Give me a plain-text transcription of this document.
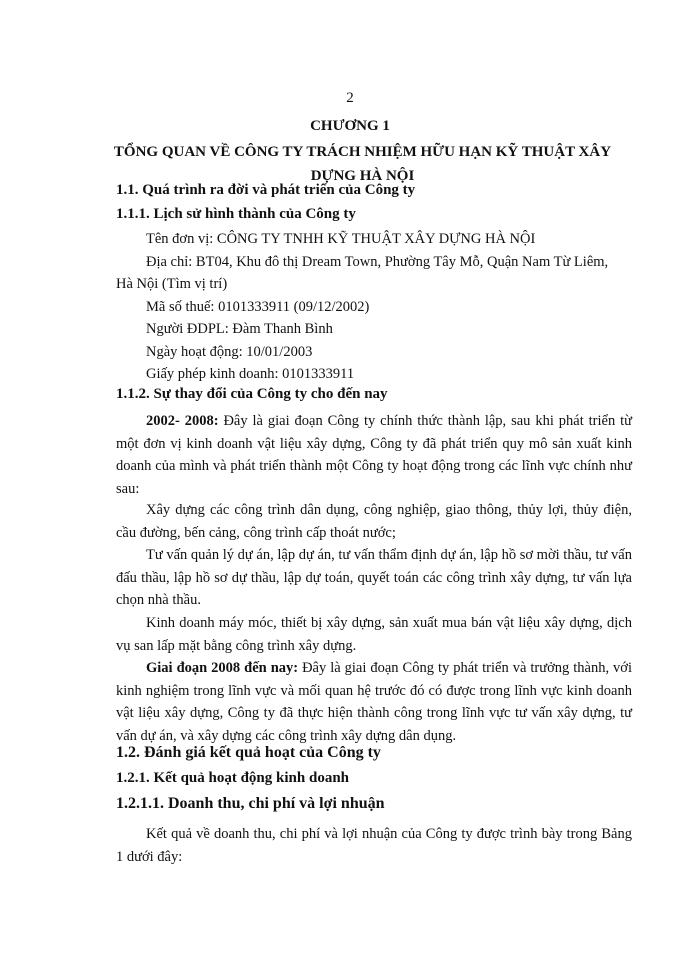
2
CHƯƠNG 1
TỔNG QUAN VỀ CÔNG TY TRÁCH NHIỆM HỮU HẠN KỸ THUẬT XÂY DỰNG HÀ NỘI
1.1. Quá trình ra đời và phát triển của Công ty
1.1.1. Lịch sử hình thành của Công ty
Tên đơn vị: CÔNG TY TNHH KỸ THUẬT XÂY DỰNG HÀ NỘI
Địa chỉ: BT04, Khu đô thị Dream Town, Phường Tây Mỗ, Quận Nam Từ Liêm,
Hà Nội (Tìm vị trí)
Mã số thuế: 0101333911 (09/12/2002)
Người ĐDPL: Đàm Thanh Bình
Ngày hoạt động: 10/01/2003
Giấy phép kinh doanh: 0101333911
1.1.2. Sự thay đổi của Công ty cho đến nay
2002- 2008: Đây là giai đoạn Công ty chính thức thành lập, sau khi phát triển từ một đơn vị kinh doanh vật liệu xây dựng, Công ty đã phát triển quy mô sản xuất kinh doanh của mình và phát triển thành một Công ty hoạt động trong các lĩnh vực chính như sau:
Xây dựng các công trình dân dụng, công nghiệp, giao thông, thủy lợi, thủy điện, cầu đường, bến cảng, công trình cấp thoát nước;
Tư vấn quản lý dự án, lập dự án, tư vấn thẩm định dự án, lập hồ sơ mời thầu, tư vấn đấu thầu, lập hồ sơ dự thầu, lập dự toán, quyết toán các công trình xây dựng, tư vấn lựa chọn nhà thầu.
Kinh doanh máy móc, thiết bị xây dựng, sản xuất mua bán vật liệu xây dựng, dịch vụ san lấp mặt bằng công trình xây dựng.
Giai đoạn 2008 đến nay: Đây là giai đoạn Công ty phát triển và trưởng thành, với kinh nghiệm trong lĩnh vực và mối quan hệ trước đó có được trong lĩnh vực kinh doanh vật liệu xây dựng, Công ty đã thực hiện thành công trong lĩnh vực tư vấn xây dựng, tư vấn dự án, và xây dựng các công trình xây dựng dân dụng.
1.2. Đánh giá kết quả hoạt của Công ty
1.2.1. Kết quả hoạt động kinh doanh
1.2.1.1. Doanh thu, chi phí và lợi nhuận
Kết quả về doanh thu, chi phí và lợi nhuận của Công ty được trình bày trong Bảng 1 dưới đây:
